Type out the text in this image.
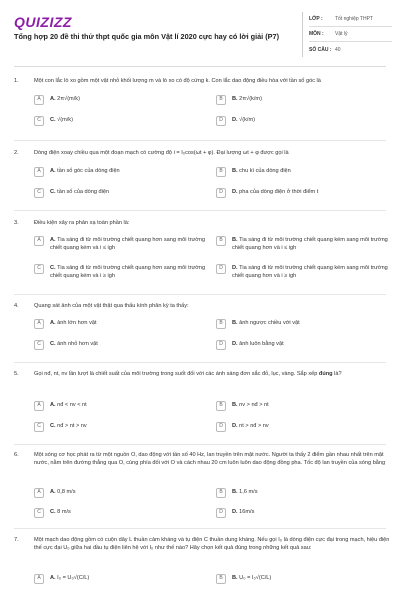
QUIZIZZ
Tổng hợp 20 đề thi thử thpt quốc gia môn Vật lí 2020 cực hay có lời giải (P7)
LỚP :	Tốt nghiệp THPT
MÔN :	Vật lý
SỐ CÂU : 40
1.	Một con lắc lò xo gồm một vật nhỏ khối lượng m và lò xo có độ cứng k. Con lắc dao động điều hòa với tần số góc là
A	A.
2π√(m/k)	B	B.
2π√(k/m)
C	C.
√(m/k)	D	D.
√(k/m)
2.	Dòng điện xoay chiều qua một đoạn mạch có cường độ i = I₀cos(ωt + φ). Đại lượng ωt + φ được gọi là
A	A.
tần số góc của dòng điện	B	B.
chu kì của dòng điện
C	C.
tần số của dòng điện	D	D.
pha của dòng điện ở thời điểm t
3.	Điều kiện xảy ra phản xạ toàn phần là:
A	A. Tia sáng đi từ môi trường chiết quang hơn sang môi trường chiết quang kém và i ≤ igh
B	B. Tia sáng đi từ môi trường chiết quang kém sang môi trường chiết quang hơn và i ≤ igh
C	C. Tia sáng đi từ môi trường chiết quang hơn sang môi trường chiết quang kém và i ≥ igh
D	D. Tia sáng đi từ môi trường chiết quang kém sang môi trường chiết quang hơn và i ≥ igh
4.	Quang sát ảnh của một vật thật qua thấu kính phân kỳ ta thấy:
A	A.
ảnh lớn hơn vật	B	B.
ảnh ngược chiều với vật
C	C.
ảnh nhỏ hơn vật	D	D.
ảnh luôn bằng vật
5.	Gọi nđ, nt, nv lần lượt là chiết suất của môi trường trong suốt đối với các ánh sáng đơn sắc đỏ, lục, vàng. Sắp xếp đúng là?
A	A.
nđ < nv < nt	B	B.
nv > nđ > nt
C	C.
nđ > nt > nv	D	D.
nt > nđ > nv
6.	Một sóng cơ học phát ra từ một nguồn O, dao động với tần số 40 Hz, lan truyền trên mặt nước. Người ta thấy 2 điểm gần nhau nhất trên mặt nước, nằm trên đường thẳng qua O, cùng phía đối với O và cách nhau 20 cm luôn luôn dao động đồng pha. Tốc độ lan truyền của sóng bằng
A	A.
0,8 m/s	B	B.
1,6 m/s
C	C.
8 m/s	D	D.
16m/s
7.	Một mạch dao động gồm có cuộn dây L thuần cảm kháng và tụ điện C thuần dung kháng. Nếu gọi I₀ là dòng điện cực đại trong mạch, hiệu điện thế cực đại U₀ giữa hai đầu tụ điện liên hệ với I₀ như thế nào? Hãy chọn kết quả đúng trong những kết quả sau:
A	A.
I₀ = U₀√(C/L)	B	B.
U₀ = I₀√(C/L)
